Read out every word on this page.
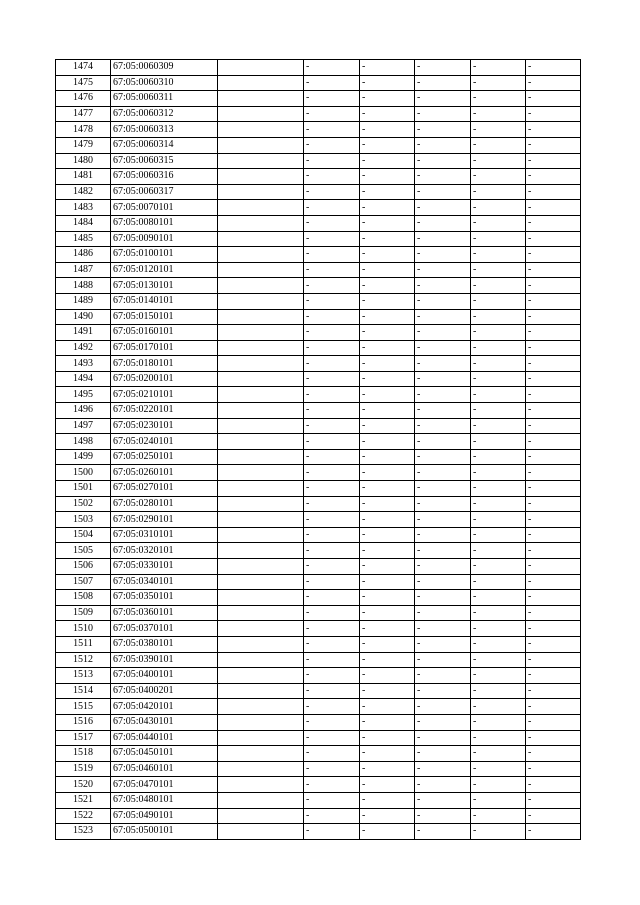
1474	67:05:0060309		-	-	-	-	-
1475	67:05:0060310		-	-	-	-	-
1476	67:05:0060311		-	-	-	-	-
1477	67:05:0060312		-	-	-	-	-
1478	67:05:0060313		-	-	-	-	-
1479	67:05:0060314		-	-	-	-	-
1480	67:05:0060315		-	-	-	-	-
1481	67:05:0060316		-	-	-	-	-
1482	67:05:0060317		-	-	-	-	-
1483	67:05:0070101		-	-	-	-	-
1484	67:05:0080101		-	-	-	-	-
1485	67:05:0090101		-	-	-	-	-
1486	67:05:0100101		-	-	-	-	-
1487	67:05:0120101		-	-	-	-	-
1488	67:05:0130101		-	-	-	-	-
1489	67:05:0140101		-	-	-	-	-
1490	67:05:0150101		-	-	-	-	-
1491	67:05:0160101		-	-	-	-	-
1492	67:05:0170101		-	-	-	-	-
1493	67:05:0180101		-	-	-	-	-
1494	67:05:0200101		-	-	-	-	-
1495	67:05:0210101		-	-	-	-	-
1496	67:05:0220101		-	-	-	-	-
1497	67:05:0230101		-	-	-	-	-
1498	67:05:0240101		-	-	-	-	-
1499	67:05:0250101		-	-	-	-	-
1500	67:05:0260101		-	-	-	-	-
1501	67:05:0270101		-	-	-	-	-
1502	67:05:0280101		-	-	-	-	-
1503	67:05:0290101		-	-	-	-	-
1504	67:05:0310101		-	-	-	-	-
1505	67:05:0320101		-	-	-	-	-
1506	67:05:0330101		-	-	-	-	-
1507	67:05:0340101		-	-	-	-	-
1508	67:05:0350101		-	-	-	-	-
1509	67:05:0360101		-	-	-	-	-
1510	67:05:0370101		-	-	-	-	-
1511	67:05:0380101		-	-	-	-	-
1512	67:05:0390101		-	-	-	-	-
1513	67:05:0400101		-	-	-	-	-
1514	67:05:0400201		-	-	-	-	-
1515	67:05:0420101		-	-	-	-	-
1516	67:05:0430101		-	-	-	-	-
1517	67:05:0440101		-	-	-	-	-
1518	67:05:0450101		-	-	-	-	-
1519	67:05:0460101		-	-	-	-	-
1520	67:05:0470101		-	-	-	-	-
1521	67:05:0480101		-	-	-	-	-
1522	67:05:0490101		-	-	-	-	-
1523	67:05:0500101		-	-	-	-	-
